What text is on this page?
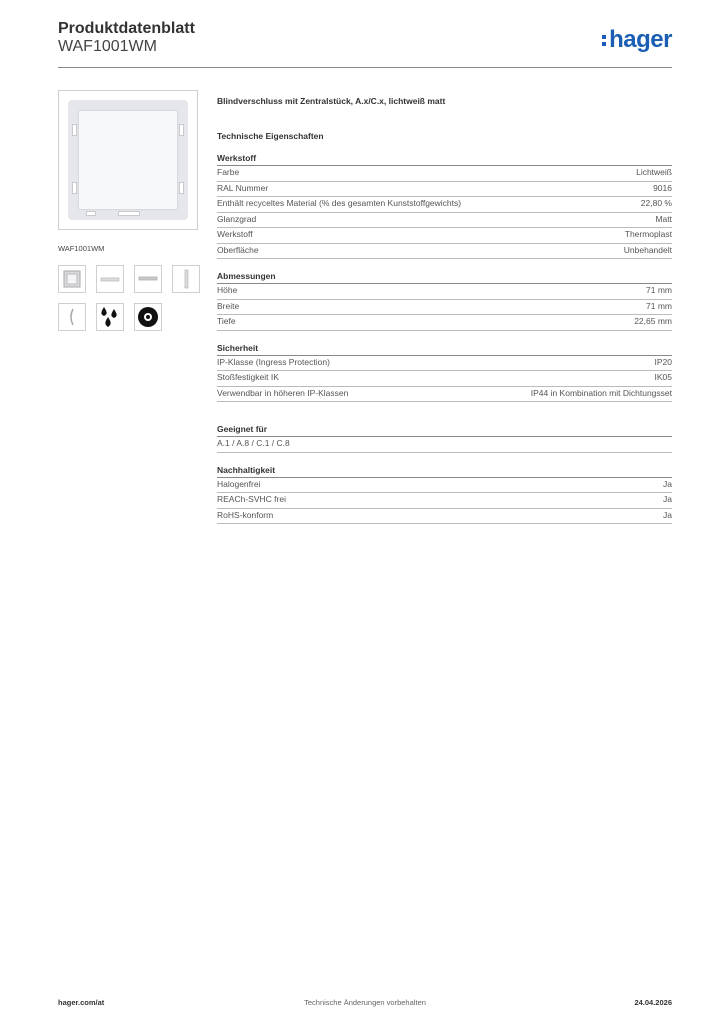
Produktdatenblatt
WAF1001WM	hager
WAF1001WM
Blindverschluss mit Zentralstück, A.x/C.x, lichtweiß matt
Technische Eigenschaften
Werkstoff
Farbe	Lichtweiß
RAL Nummer	9016
Enthält recyceltes Material (% des gesamten Kunststoffgewichts)	22,80 %
Glanzgrad	Matt
Werkstoff	Thermoplast
Oberfläche	Unbehandelt
Abmessungen
Höhe	71 mm
Breite	71 mm
Tiefe	22,65 mm
Sicherheit
IP-Klasse (Ingress Protection)	IP20
Stoßfestigkeit IK	IK05
Verwendbar in höheren IP-Klassen	IP44 in Kombination mit Dichtungsset
Geeignet für
A.1 / A.8 / C.1 / C.8
Nachhaltigkeit
Halogenfrei	Ja
REACh-SVHC frei	Ja
RoHS-konform	Ja
hager.com/at	Technische Änderungen vorbehalten	24.04.2026
